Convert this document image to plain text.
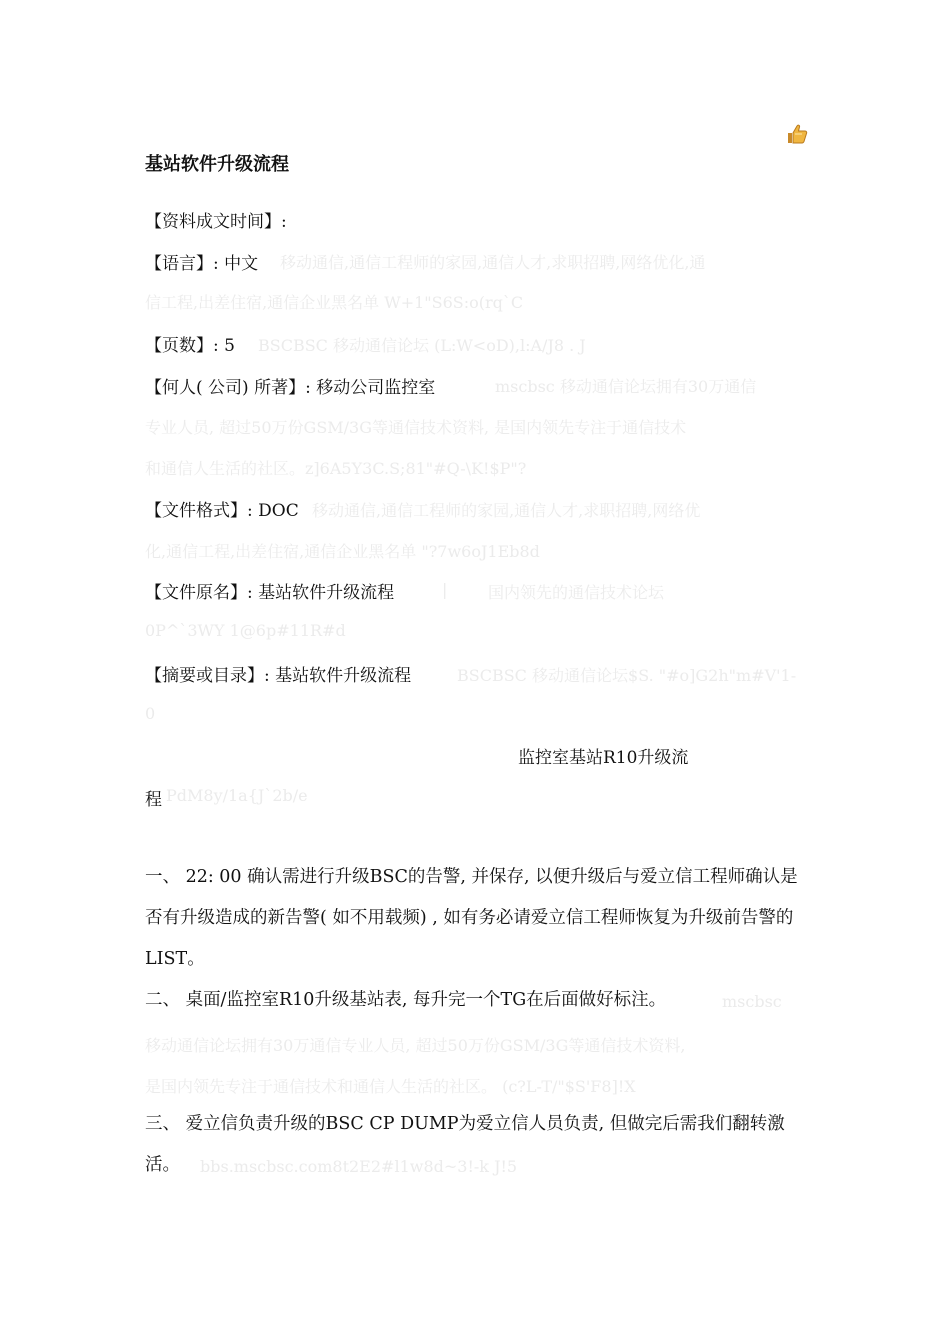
移动通信,通信工程师的家园,通信人才,求职招聘,网络优化,通
信工程,出差住宿,通信企业黑名单 W+1"S6S:o(rq`C
BSCBSC 移动通信论坛 (L:W<oD),l:A/J8 . J
mscbsc 移动通信论坛拥有30万通信
专业人员, 超过50万份GSM/3G等通信技术资料, 是国内领先专注于通信技术
和通信人生活的社区。z]6A5Y3C.S;81"#Q-\K!$P"?
移动通信,通信工程师的家园,通信人才,求职招聘,网络优
化,通信工程,出差住宿,通信企业黑名单 "?7w6oJ1Eb8d
|	国内领先的通信技术论坛
0P^`3WY 1@6p#11R#d
BSCBSC 移动通信论坛$S. "#o]G2h"m#V'1-
0
PdM8y/1a{J`2b/e
mscbsc
移动通信论坛拥有30万通信专业人员, 超过50万份GSM/3G等通信技术资料,
是国内领先专注于通信技术和通信人生活的社区。 (c?L-T/"$S'F8]!X
bbs.mscbsc.com8t2E2#l1w8d~3!-k J!5
基站软件升级流程
【资料成文时间】:
【语言】: 中文
【页数】: 5
【何人( 公司) 所著】: 移动公司监控室
【文件格式】: DOC
【文件原名】: 基站软件升级流程
【摘要或目录】: 基站软件升级流程
监控室基站R10升级流
程
一、 22: 00 确认需进行升级BSC的告警, 并保存, 以便升级后与爱立信工程师确认是否有升级造成的新告警( 如不用载频) , 如有务必请爱立信工程师恢复为升级前告警的LIST。
二、 桌面/监控室R10升级基站表, 每升完一个TG在后面做好标注。
三、 爱立信负责升级的BSC CP DUMP为爱立信人员负责, 但做完后需我们翻转激活。
